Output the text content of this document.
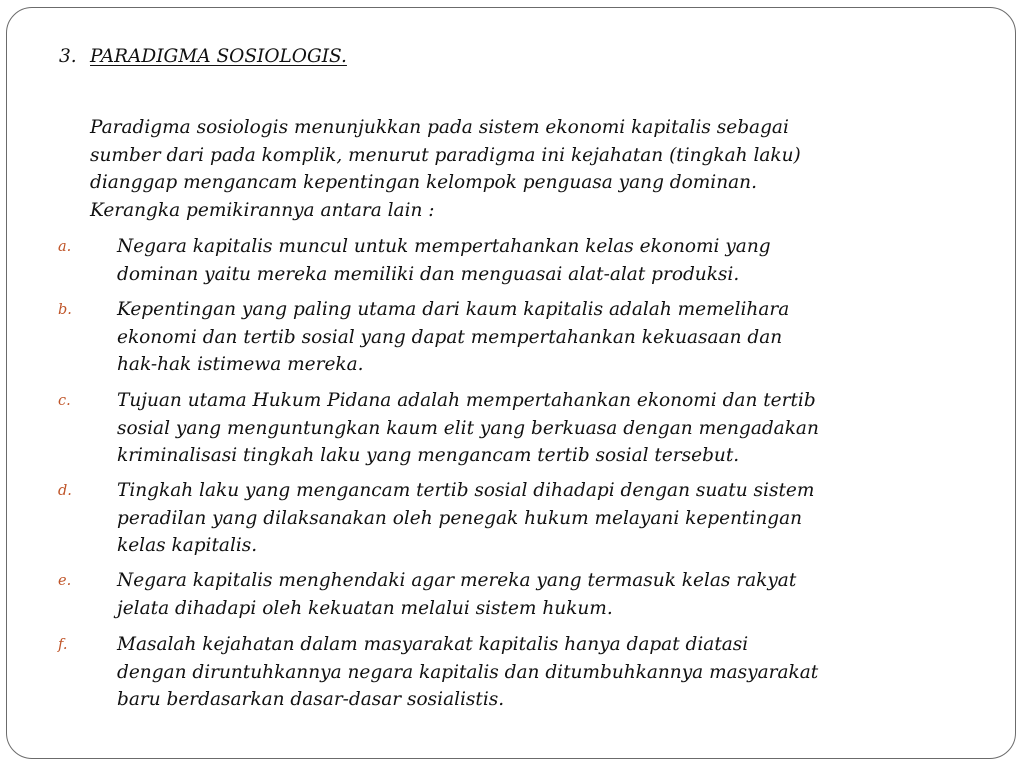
3. PARADIGMA SOSIOLOGIS.

Paradigma sosiologis menunjukkan pada sistem ekonomi kapitalis sebagai

sumber dari pada komplik, menurut paradigma ini kejahatan (tingkah laku)

dianggap mengancam kepentingan kelompok penguasa yang dominan.

Kerangka pemikirannya antara lain :

a. Negara kapitalis muncul untuk mempertahankan kelas ekonomi yang
dominan yaitu mereka memiliki dan menguasai alat-alat produksi.
b. Kepentingan yang paling utama dari kaum kapitalis adalah memelihara
ekonomi dan tertib sosial yang dapat mempertahankan kekuasaan dan
hak-hak istimewa mereka.
c.	Tujuan utama Hukum Pidana adalah mempertahankan ekonomi dan tertib
sosial yang menguntungkan kaum elit yang berkuasa dengan mengadakan
kriminalisasi tingkah laku yang mengancam tertib sosial tersebut.
d. Tingkah laku yang mengancam tertib sosial dihadapi dengan suatu sistem
peradilan yang dilaksanakan oleh penegak hukum melayani kepentingan
kelas kapitalis.
e. Negara kapitalis menghendaki agar mereka yang termasuk kelas rakyat
jelata dihadapi oleh kekuatan melalui sistem hukum.
f.	Masalah kejahatan dalam masyarakat kapitalis hanya dapat diatasi
dengan diruntuhkannya negara kapitalis dan ditumbuhkannya masyarakat
baru berdasarkan dasar-dasar sosialistis.
